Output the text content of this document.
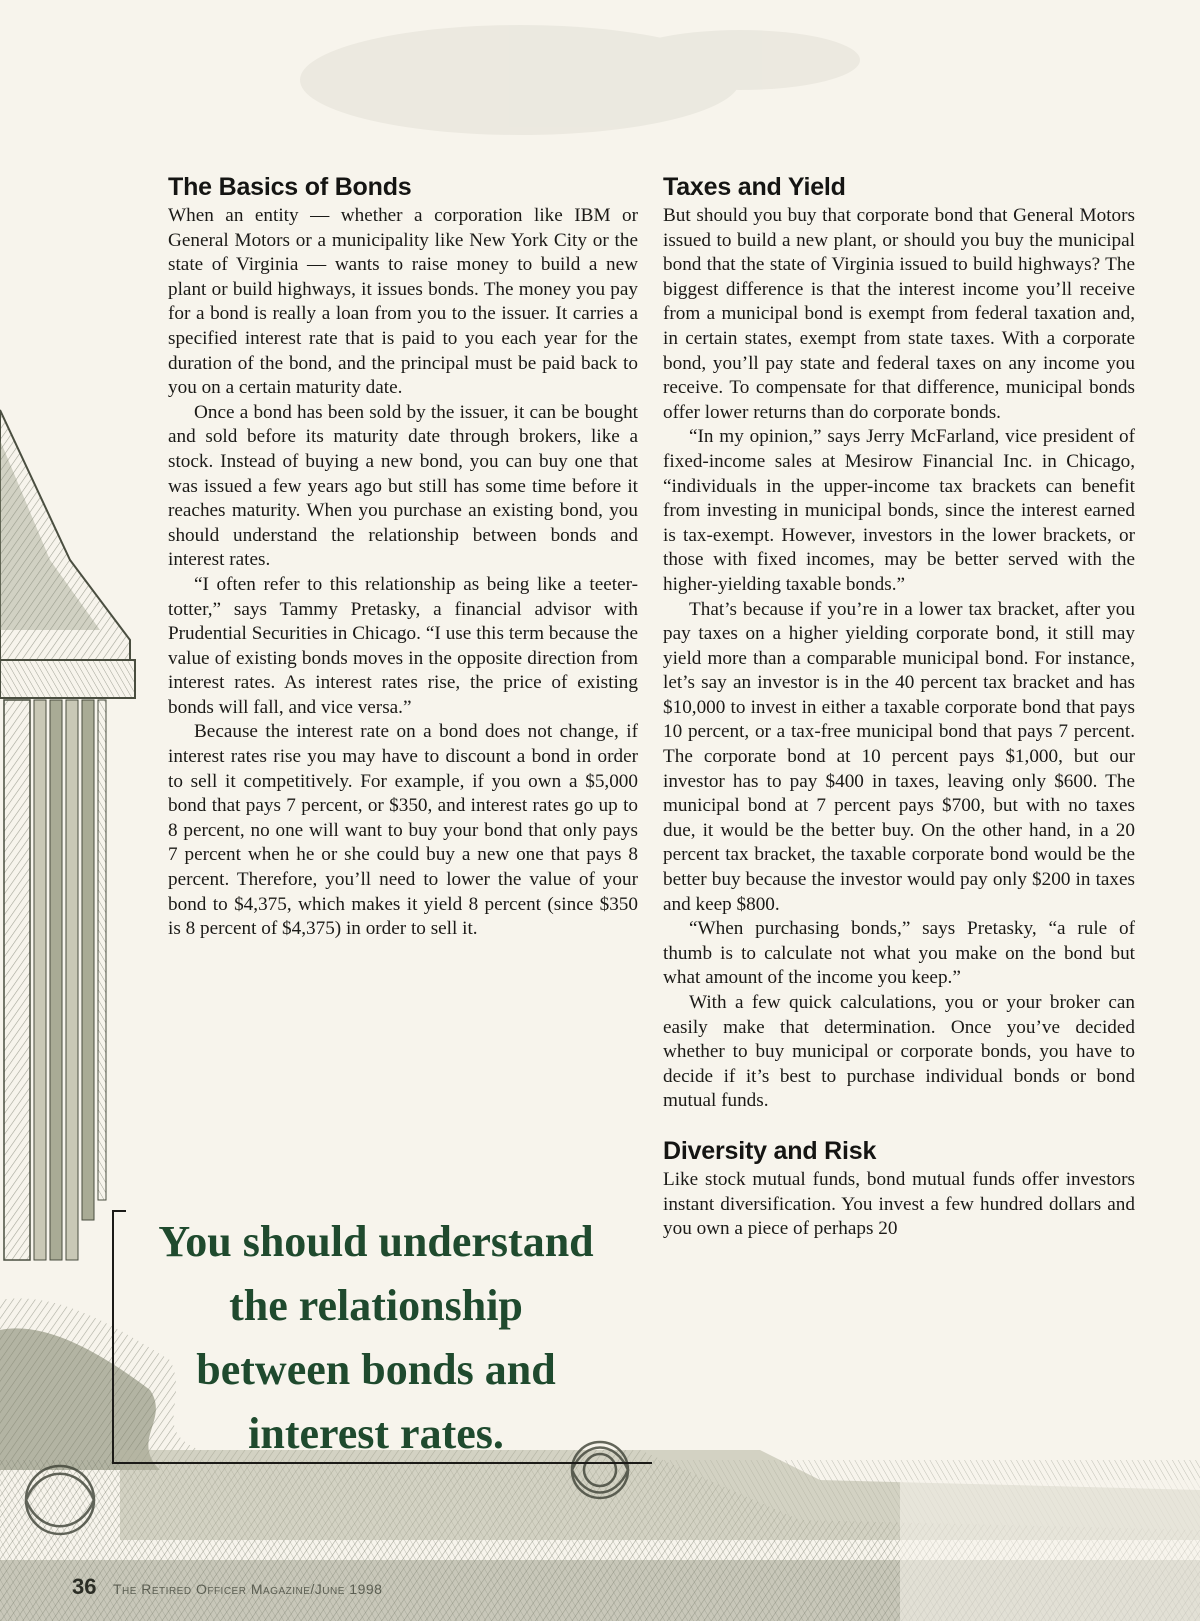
The Basics of Bonds

When an entity — whether a corporation like IBM or General Motors or a municipality like New York City or the state of Virginia — wants to raise money to build a new plant or build highways, it issues bonds. The money you pay for a bond is really a loan from you to the issuer. It carries a specified interest rate that is paid to you each year for the duration of the bond, and the principal must be paid back to you on a certain maturity date.

Once a bond has been sold by the issuer, it can be bought and sold before its maturity date through brokers, like a stock. Instead of buying a new bond, you can buy one that was issued a few years ago but still has some time before it reaches maturity. When you purchase an existing bond, you should understand the relationship between bonds and interest rates.

“I often refer to this relationship as being like a teeter-totter,” says Tammy Pretasky, a financial advisor with Prudential Securities in Chicago. “I use this term because the value of existing bonds moves in the opposite direction from interest rates. As interest rates rise, the price of existing bonds will fall, and vice versa.”

Because the interest rate on a bond does not change, if interest rates rise you may have to discount a bond in order to sell it competitively. For example, if you own a $5,000 bond that pays 7 percent, or $350, and interest rates go up to 8 percent, no one will want to buy your bond that only pays 7 percent when he or she could buy a new one that pays 8 percent. Therefore, you’ll need to lower the value of your bond to $4,375, which makes it yield 8 percent (since $350 is 8 percent of $4,375) in order to sell it.

Taxes and Yield

But should you buy that corporate bond that General Motors issued to build a new plant, or should you buy the municipal bond that the state of Virginia issued to build highways? The biggest difference is that the interest income you’ll receive from a municipal bond is exempt from federal taxation and, in certain states, exempt from state taxes. With a corporate bond, you’ll pay state and federal taxes on any income you receive. To compensate for that difference, municipal bonds offer lower returns than do corporate bonds.

“In my opinion,” says Jerry McFarland, vice president of fixed-income sales at Mesirow Financial Inc. in Chicago, “individuals in the upper-income tax brackets can benefit from investing in municipal bonds, since the interest earned is tax-exempt. However, investors in the lower brackets, or those with fixed incomes, may be better served with the higher-yielding taxable bonds.”

That’s because if you’re in a lower tax bracket, after you pay taxes on a higher yielding corporate bond, it still may yield more than a comparable municipal bond. For instance, let’s say an investor is in the 40 percent tax bracket and has $10,000 to invest in either a taxable corporate bond that pays 10 percent, or a tax-free municipal bond that pays 7 percent. The corporate bond at 10 percent pays $1,000, but our investor has to pay $400 in taxes, leaving only $600. The municipal bond at 7 percent pays $700, but with no taxes due, it would be the better buy. On the other hand, in a 20 percent tax bracket, the taxable corporate bond would be the better buy because the investor would pay only $200 in taxes and keep $800.

“When purchasing bonds,” says Pretasky, “a rule of thumb is to calculate not what you make on the bond but what amount of the income you keep.”

With a few quick calculations, you or your broker can easily make that determination. Once you’ve decided whether to buy municipal or corporate bonds, you have to decide if it’s best to purchase individual bonds or bond mutual funds.

Diversity and Risk

Like stock mutual funds, bond mutual funds offer investors instant diversification. You invest a few hundred dollars and you own a piece of perhaps 20

You should understand
the relationship
between bonds and
interest rates.
36 The Retired Officer Magazine/June 1998
